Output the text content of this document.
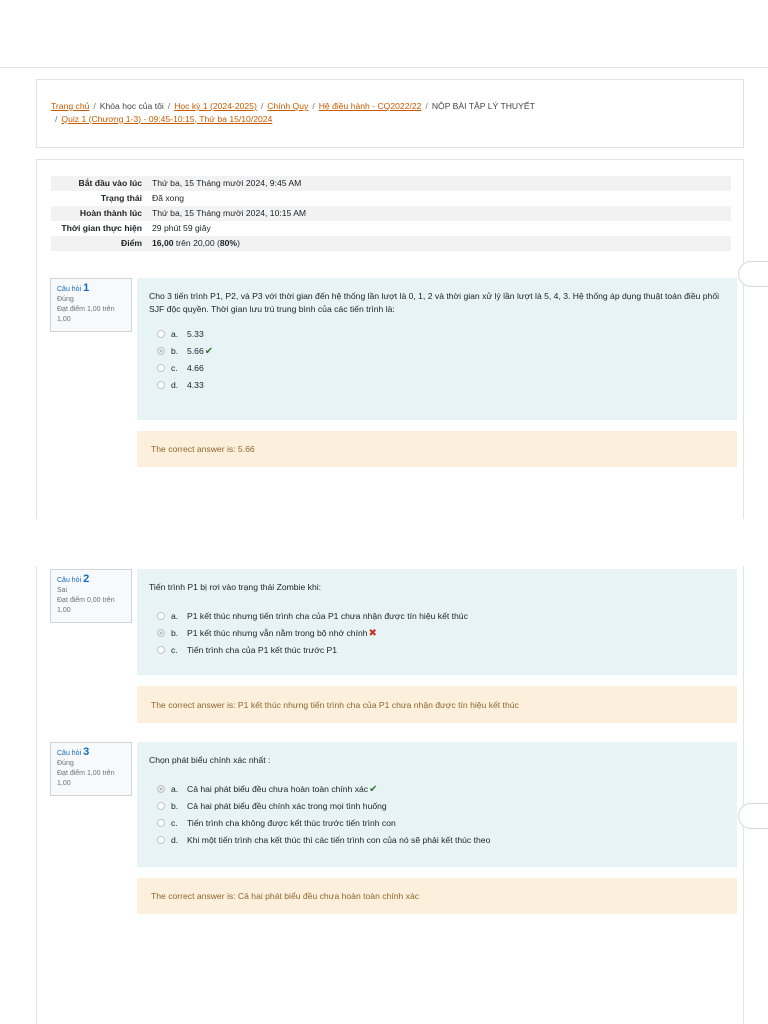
Trang chủ / Khóa học của tôi / Học kỳ 1 (2024-2025) / Chính Quy / Hệ điều hành - CQ2022/22 / NỘP BÀI TẬP LÝ THUYẾT
/ Quiz 1 (Chương 1-3) - 09:45-10:15, Thứ ba 15/10/2024
Bắt đầu vào lúc	Thứ ba, 15 Tháng mười 2024, 9:45 AM
Trạng thái	Đã xong
Hoàn thành lúc	Thứ ba, 15 Tháng mười 2024, 10:15 AM
Thời gian thực hiện	29 phút 59 giây
Điểm	16,00 trên 20,00 (80%)
Câu hỏi 1
Đúng
Đạt điểm 1,00 trên 1,00
Cho 3 tiến trình P1, P2, và P3 với thời gian đến hệ thống lần lượt là 0, 1, 2 và thời gian xử lý lần lượt là 5, 4, 3. Hệ thống áp dụng thuật toán điều phối SJF độc quyền. Thời gian lưu trú trung bình của các tiến trình là:
a. 5.33
b. 5.66✔
c. 4.66
d. 4.33
The correct answer is: 5.66
Câu hỏi 2
Sai
Đạt điểm 0,00 trên 1,00
Tiến trình P1 bị rơi vào trạng thái Zombie khi:
a. P1 kết thúc nhưng tiến trình cha của P1 chưa nhận được tín hiệu kết thúc
b. P1 kết thúc nhưng vẫn nằm trong bộ nhớ chính✖
c. Tiến trình cha của P1 kết thúc trước P1
The correct answer is: P1 kết thúc nhưng tiến trình cha của P1 chưa nhận được tín hiệu kết thúc
Câu hỏi 3
Đúng
Đạt điểm 1,00 trên 1,00
Chọn phát biểu chính xác nhất :
a. Cả hai phát biểu đều chưa hoàn toàn chính xác✔
b. Cả hai phát biểu đều chính xác trong mọi tình huống
c. Tiến trình cha không được kết thúc trước tiến trình con
d. Khi một tiến trình cha kết thúc thì các tiến trình con của nó sẽ phải kết thúc theo
The correct answer is: Cả hai phát biểu đều chưa hoàn toàn chính xác
